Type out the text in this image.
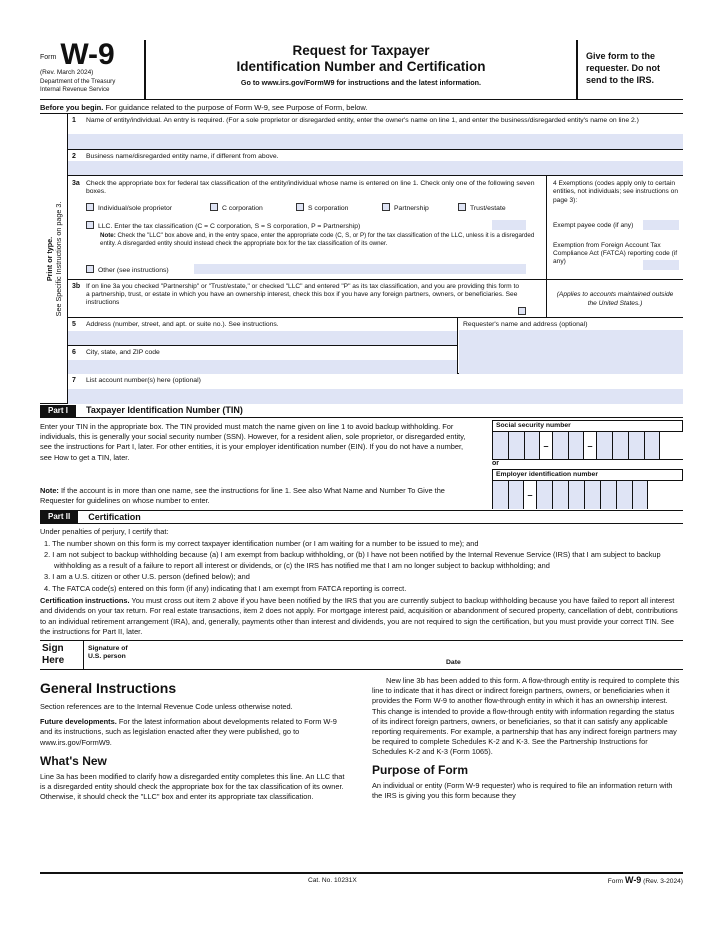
Form W-9
(Rev. March 2024)
Department of the Treasury
Internal Revenue Service
Request for Taxpayer
Identification Number and Certification
Go to www.irs.gov/FormW9 for instructions and the latest information.
Give form to the requester. Do not send to the IRS.
Before you begin. For guidance related to the purpose of Form W-9, see Purpose of Form, below.
Print or type. See Specific Instructions on page 3.
1 Name of entity/individual. An entry is required. (For a sole proprietor or disregarded entity, enter the owner's name on line 1, and enter the business/disregarded entity's name on line 2.)
2 Business name/disregarded entity name, if different from above.
3a Check the appropriate box for federal tax classification of the entity/individual whose name is entered on line 1. Check only one of the following seven boxes.
Individual/sole proprietor	C corporation	S corporation	Partnership	Trust/estate
LLC. Enter the tax classification (C = C corporation, S = S corporation, P = Partnership)
Note: Check the "LLC" box above and, in the entry space, enter the appropriate code (C, S, or P) for the tax classification of the LLC, unless it is a disregarded entity. A disregarded entity should instead check the appropriate box for the tax classification of its owner.
Other (see instructions)
4 Exemptions (codes apply only to certain entities, not individuals; see instructions on page 3):
Exempt payee code (if any)
Exemption from Foreign Account Tax Compliance Act (FATCA) reporting code (if any)
3b If on line 3a you checked "Partnership" or "Trust/estate," or checked "LLC" and entered "P" as its tax classification, and you are providing this form to a partnership, trust, or estate in which you have an ownership interest, check this box if you have any foreign partners, owners, or beneficiaries. See instructions
(Applies to accounts maintained outside the United States.)
5 Address (number, street, and apt. or suite no.). See instructions.
6 City, state, and ZIP code
Requester's name and address (optional)
7 List account number(s) here (optional)
Part I	Taxpayer Identification Number (TIN)
Enter your TIN in the appropriate box. The TIN provided must match the name given on line 1 to avoid backup withholding. For individuals, this is generally your social security number (SSN). However, for a resident alien, sole proprietor, or disregarded entity, see the instructions for Part I, later. For other entities, it is your employer identification number (EIN). If you do not have a number, see How to get a TIN, later.
Note: If the account is in more than one name, see the instructions for line 1. See also What Name and Number To Give the Requester for guidelines on whose number to enter.
Social security number
–	–
or
Employer identification number
–
Part II	Certification

Under penalties of perjury, I certify that:

1. The number shown on this form is my correct taxpayer identification number (or I am waiting for a number to be issued to me); and

2. I am not subject to backup withholding because (a) I am exempt from backup withholding, or (b) I have not been notified by the Internal Revenue Service (IRS) that I am subject to backup withholding as a result of a failure to report all interest or dividends, or (c) the IRS has notified me that I am no longer subject to backup withholding; and

3. I am a U.S. citizen or other U.S. person (defined below); and

4. The FATCA code(s) entered on this form (if any) indicating that I am exempt from FATCA reporting is correct.

Certification instructions. You must cross out item 2 above if you have been notified by the IRS that you are currently subject to backup withholding because you have failed to report all interest and dividends on your tax return. For real estate transactions, item 2 does not apply. For mortgage interest paid, acquisition or abandonment of secured property, cancellation of debt, contributions to an individual retirement arrangement (IRA), and, generally, payments other than interest and dividends, you are not required to sign the certification, but you must provide your correct TIN. See the instructions for Part II, later.

Sign
Here
Signature of
U.S. person
Date
General Instructions

Section references are to the Internal Revenue Code unless otherwise noted.

Future developments. For the latest information about developments related to Form W-9 and its instructions, such as legislation enacted after they were published, go to www.irs.gov/FormW9.

What's New

Line 3a has been modified to clarify how a disregarded entity completes this line. An LLC that is a disregarded entity should check the appropriate box for the tax classification of its owner. Otherwise, it should check the "LLC" box and enter its appropriate tax classification.

New line 3b has been added to this form. A flow-through entity is required to complete this line to indicate that it has direct or indirect foreign partners, owners, or beneficiaries when it provides the Form W-9 to another flow-through entity in which it has an ownership interest. This change is intended to provide a flow-through entity with information regarding the status of its indirect foreign partners, owners, or beneficiaries, so that it can satisfy any applicable reporting requirements. For example, a partnership that has any indirect foreign partners may be required to complete Schedules K-2 and K-3. See the Partnership Instructions for Schedules K-2 and K-3 (Form 1065).

Purpose of Form

An individual or entity (Form W-9 requester) who is required to file an information return with the IRS is giving you this form because they

Cat. No. 10231X	Form W-9 (Rev. 3-2024)
